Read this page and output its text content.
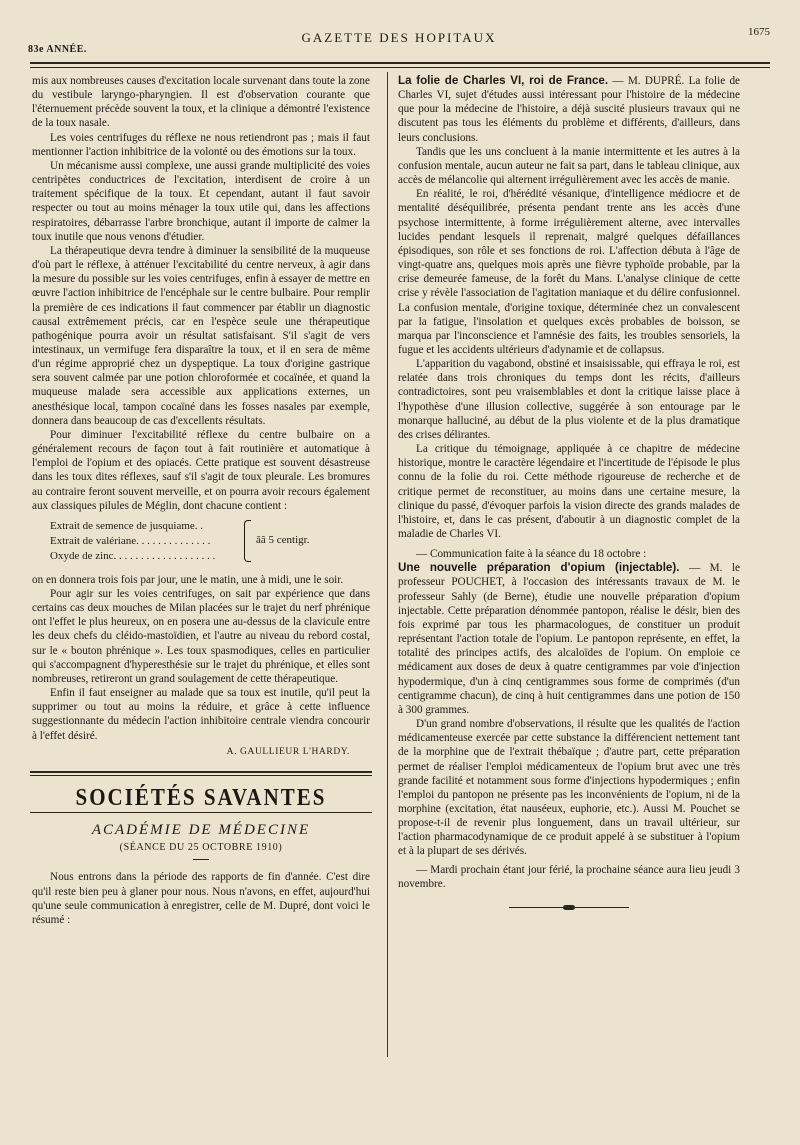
83e ANNÉE.
GAZETTE DES HOPITAUX	1675

mis aux nombreuses causes d'excitation locale survenant dans toute la zone du vestibule laryngo-pharyngien. Il est d'observation courante que l'éternuement précède souvent la toux, et la clinique a démontré l'existence de la toux nasale.

Les voies centrifuges du réflexe ne nous retiendront pas ; mais il faut mentionner l'action inhibitrice de la volonté ou des émotions sur la toux.

Un mécanisme aussi complexe, une aussi grande multiplicité des voies centripètes conductrices de l'excitation, interdisent de croire à un traitement spécifique de la toux. Et cependant, autant il faut savoir respecter ou tout au moins ménager la toux utile qui, dans les affections respiratoires, débarrasse l'arbre bronchique, autant il importe de calmer la toux inutile que nous venons d'étudier.

La thérapeutique devra tendre à diminuer la sensibilité de la muqueuse d'où part le réflexe, à atténuer l'excitabilité du centre nerveux, à agir dans la mesure du possible sur les voies centrifuges, enfin à essayer de mettre en œuvre l'action inhibitrice de l'encéphale sur le centre bulbaire. Pour remplir la première de ces indications il faut commencer par établir un diagnostic causal extrêmement précis, car en l'espèce seule une thérapeutique pathogénique pourra avoir un résultat satisfaisant. S'il s'agit de vers intestinaux, un vermifuge fera disparaître la toux, et il en sera de même d'un régime approprié chez un dyspeptique. La toux d'origine gastrique sera souvent calmée par une potion chloroformée et cocaïnée, et quand la muqueuse malade sera accessible aux applications externes, un anesthésique local, tampon cocaïné dans les fosses nasales par exemple, donnera dans beaucoup de cas d'excellents résultats.

Pour diminuer l'excitabilité réflexe du centre bulbaire on a généralement recours de façon tout à fait routinière et automatique à l'emploi de l'opium et des opiacés. Cette pratique est souvent désastreuse dans les toux dites réflexes, sauf s'il s'agit de toux pleurale. Les bromures au contraire feront souvent merveille, et on pourra avoir recours également aux classiques pilules de Méglin, dont chacune contient :

Extrait de semence de jusquiame. .
Extrait de valériane. . . . . . . . . . . . . .
Oxyde de zinc. . . . . . . . . . . . . . . . . . .
ââ 5 centigr.

on en donnera trois fois par jour, une le matin, une à midi, une le soir.

Pour agir sur les voies centrifuges, on sait par expérience que dans certains cas deux mouches de Milan placées sur le trajet du nerf phrénique ont l'effet le plus heureux, on en posera une au-dessus de la clavicule entre les deux chefs du cléido-mastoïdien, et l'autre au niveau du rebord costal, sur le « bouton phrénique ». Les toux spasmodiques, celles en particulier qui s'accompagnent d'hyperesthésie sur le trajet du phrénique, et elles sont nombreuses, retireront un grand soulagement de cette thérapeutique.

Enfin il faut enseigner au malade que sa toux est inutile, qu'il peut la supprimer ou tout au moins la réduire, et grâce à cette influence suggestionnante du médecin l'action inhibitoire centrale viendra concourir à l'effet désiré.

A. GAULLIEUR L'HARDY.
SOCIÉTÉS SAVANTES
ACADÉMIE DE MÉDECINE
(SÉANCE DU 25 OCTOBRE 1910)

Nous entrons dans la période des rapports de fin d'année. C'est dire qu'il reste bien peu à glaner pour nous. Nous n'avons, en effet, aujourd'hui qu'une seule communication à enregistrer, celle de M. Dupré, dont voici le résumé :

La folie de Charles VI, roi de France. — M. DUPRÉ. La folie de Charles VI, sujet d'études aussi intéressant pour l'histoire de la médecine que pour la médecine de l'histoire, a déjà suscité plusieurs travaux qui ne discutent pas tous les éléments du problème et différents, d'ailleurs, dans leurs conclusions.

Tandis que les uns concluent à la manie intermittente et les autres à la confusion mentale, aucun auteur ne fait sa part, dans le tableau clinique, aux accès de mélancolie qui alternent irrégulièrement avec les accès de manie.

En réalité, le roi, d'hérédité vésanique, d'intelligence médiocre et de mentalité déséquilibrée, présenta pendant trente ans les accès d'une psychose intermittente, à forme irrégulièrement alterne, avec intervalles lucides pendant lesquels il reprenait, malgré quelques défaillances épisodiques, son rôle et ses fonctions de roi. L'affection débuta à l'âge de vingt-quatre ans, quelques mois après une fièvre typhoïde probable, par la crise demeurée fameuse, de la forêt du Mans. L'analyse clinique de cette crise y révèle l'association de l'agitation maniaque et du délire confusionnel. La confusion mentale, d'origine toxique, déterminée chez un convalescent par la fatigue, l'insolation et quelques excès probables de boisson, se marqua par l'inconscience et l'amnésie des faits, les troubles sensoriels, la fugue et les accidents ultérieurs d'adynamie et de collapsus.

L'apparition du vagabond, obstiné et insaisissable, qui effraya le roi, est relatée dans trois chroniques du temps dont les récits, d'ailleurs contradictoires, sont peu vraisemblables et dont la critique laisse place à l'hypothèse d'une illusion collective, suggérée à son entourage par le monarque halluciné, au début de la plus violente et de la plus dramatique des crises délirantes.

La critique du témoignage, appliquée à ce chapitre de médecine historique, montre le caractère légendaire et l'incertitude de l'épisode le plus connu de la folie du roi. Cette méthode rigoureuse de recherche et de critique permet de reconstituer, au moins dans une certaine mesure, la clinique du passé, d'évoquer parfois la vision directe des grands malades de l'histoire, et, dans le cas présent, d'aboutir à un diagnostic complet de la maladie de Charles VI.

— Communication faite à la séance du 18 octobre :

Une nouvelle préparation d'opium (injectable). — M. le professeur POUCHET, à l'occasion des intéressants travaux de M. le professeur Sahly (de Berne), étudie une nouvelle préparation d'opium injectable. Cette préparation dénommée pantopon, réalise le désir, bien des fois exprimé par tous les pharmacologues, de constituer un produit représentant l'action totale de l'opium. Le pantopon représente, en effet, la totalité des principes actifs, des alcaloïdes de l'opium. On emploie ce médicament aux doses de deux à quatre centigrammes par voie d'injection hypodermique, d'un à cinq centigrammes sous forme de comprimés (d'un centigramme chacun), de cinq à huit centigrammes dans une potion de 150 à 300 grammes.

D'un grand nombre d'observations, il résulte que les qualités de l'action médicamenteuse exercée par cette substance la différencient nettement tant de la morphine que de l'extrait thébaïque ; d'autre part, cette préparation permet de réaliser l'emploi médicamenteux de l'opium brut avec une très grande facilité et notamment sous forme d'injections hypodermiques ; enfin l'emploi du pantopon ne présente pas les inconvénients de l'opium, ni de la morphine (excitation, état nauséeux, euphorie, etc.). Aussi M. Pouchet se propose-t-il de revenir plus longuement, dans un travail ultérieur, sur l'action pharmacodynamique de ce produit appelé à se substituer à l'opium et à la plupart de ses dérivés.

— Mardi prochain étant jour férié, la prochaine séance aura lieu jeudi 3 novembre.
